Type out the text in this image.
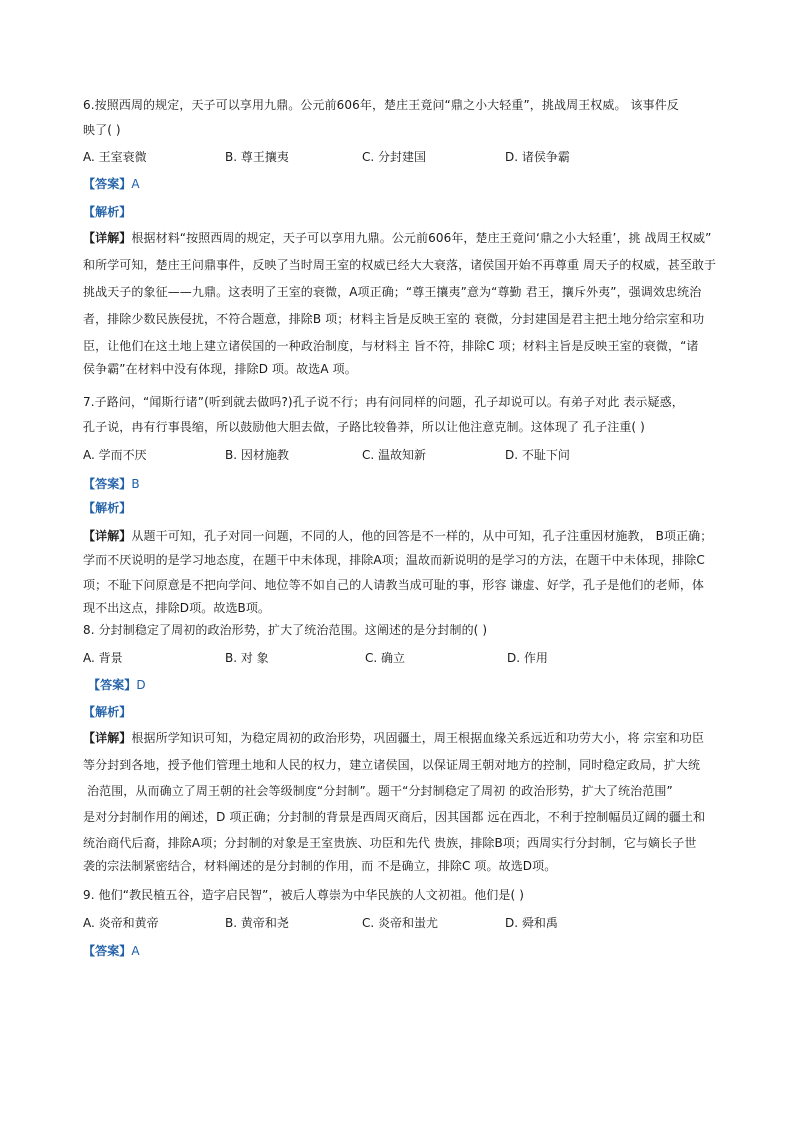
6.按照西周的规定，天子可以享用九鼎。公元前606年，楚庄王竟问“鼎之小大轻重”，挑战周王权威。 该事件反
映了( )
A. 王室衰微	B. 尊王攘夷	C. 分封建国	D. 诸侯争霸
【答案】A
【解析】
【详解】根据材料“按照西周的规定，天子可以享用九鼎。公元前606年，楚庄王竟问‘鼎之小大轻重’，挑 战周王权威”
和所学可知，楚庄王问鼎事件，反映了当时周王室的权威已经大大衰落，诸侯国开始不再尊重 周天子的权威，甚至敢于
挑战天子的象征——九鼎。这表明了王室的衰微，A项正确；“尊王攘夷”意为“尊勤 君王，攘斥外夷”，强调效忠统治
者，排除少数民族侵扰，不符合题意，排除B 项；材料主旨是反映王室的 衰微，分封建国是君主把土地分给宗室和功
臣，让他们在这土地上建立诸侯国的一种政治制度，与材料主 旨不符，排除C 项；材料主旨是反映王室的衰微，“诸
侯争霸”在材料中没有体现，排除D 项。故选A 项。
7.子路问，“闻斯行诸”(听到就去做吗?)孔子说不行；冉有问同样的问题，孔子却说可以。有弟子对此 表示疑惑，
孔子说，冉有行事畏缩，所以鼓励他大胆去做，子路比较鲁莽，所以让他注意克制。这体现了 孔子注重( )
A. 学而不厌	B. 因材施教	C. 温故知新	D. 不耻下问
【答案】B
【解析】
【详解】从题干可知，孔子对同一问题，不同的人，他的回答是不一样的，从中可知，孔子注重因材施教， B项正确；
学而不厌说明的是学习地态度，在题干中未体现，排除A项；温故而新说明的是学习的方法，在题干中未体现，排除C
项；不耻下问原意是不把向学问、地位等不如自己的人请教当成可耻的事，形容 谦虚、好学，孔子是他们的老师，体
现不出这点，排除D项。故选B项。
8. 分封制稳定了周初的政治形势，扩大了统治范围。这阐述的是分封制的( )
A. 背景	B. 对 象	C. 确立	D. 作用
【答案】D
【解析】
【详解】根据所学知识可知，为稳定周初的政治形势，巩固疆土，周王根据血缘关系远近和功劳大小，将 宗室和功臣
等分封到各地，授予他们管理土地和人民的权力，建立诸侯国，以保证周王朝对地方的控制，同时稳定政局，扩大统
治范围，从而确立了周王朝的社会等级制度“分封制”。题干“分封制稳定了周初 的政治形势，扩大了统治范围”
是对分封制作用的阐述，D 项正确；分封制的背景是西周灭商后，因其国都 远在西北，不利于控制幅员辽阔的疆土和
统治商代后裔，排除A项；分封制的对象是王室贵族、功臣和先代 贵族，排除B项；西周实行分封制，它与嫡长子世
袭的宗法制紧密结合，材料阐述的是分封制的作用，而 不是确立，排除C 项。故选D项。
9. 他们“教民植五谷，造字启民智”，被后人尊崇为中华民族的人文初祖。他们是( )
A. 炎帝和黄帝	B. 黄帝和尧	C. 炎帝和蚩尤	D. 舜和禹
【答案】A
